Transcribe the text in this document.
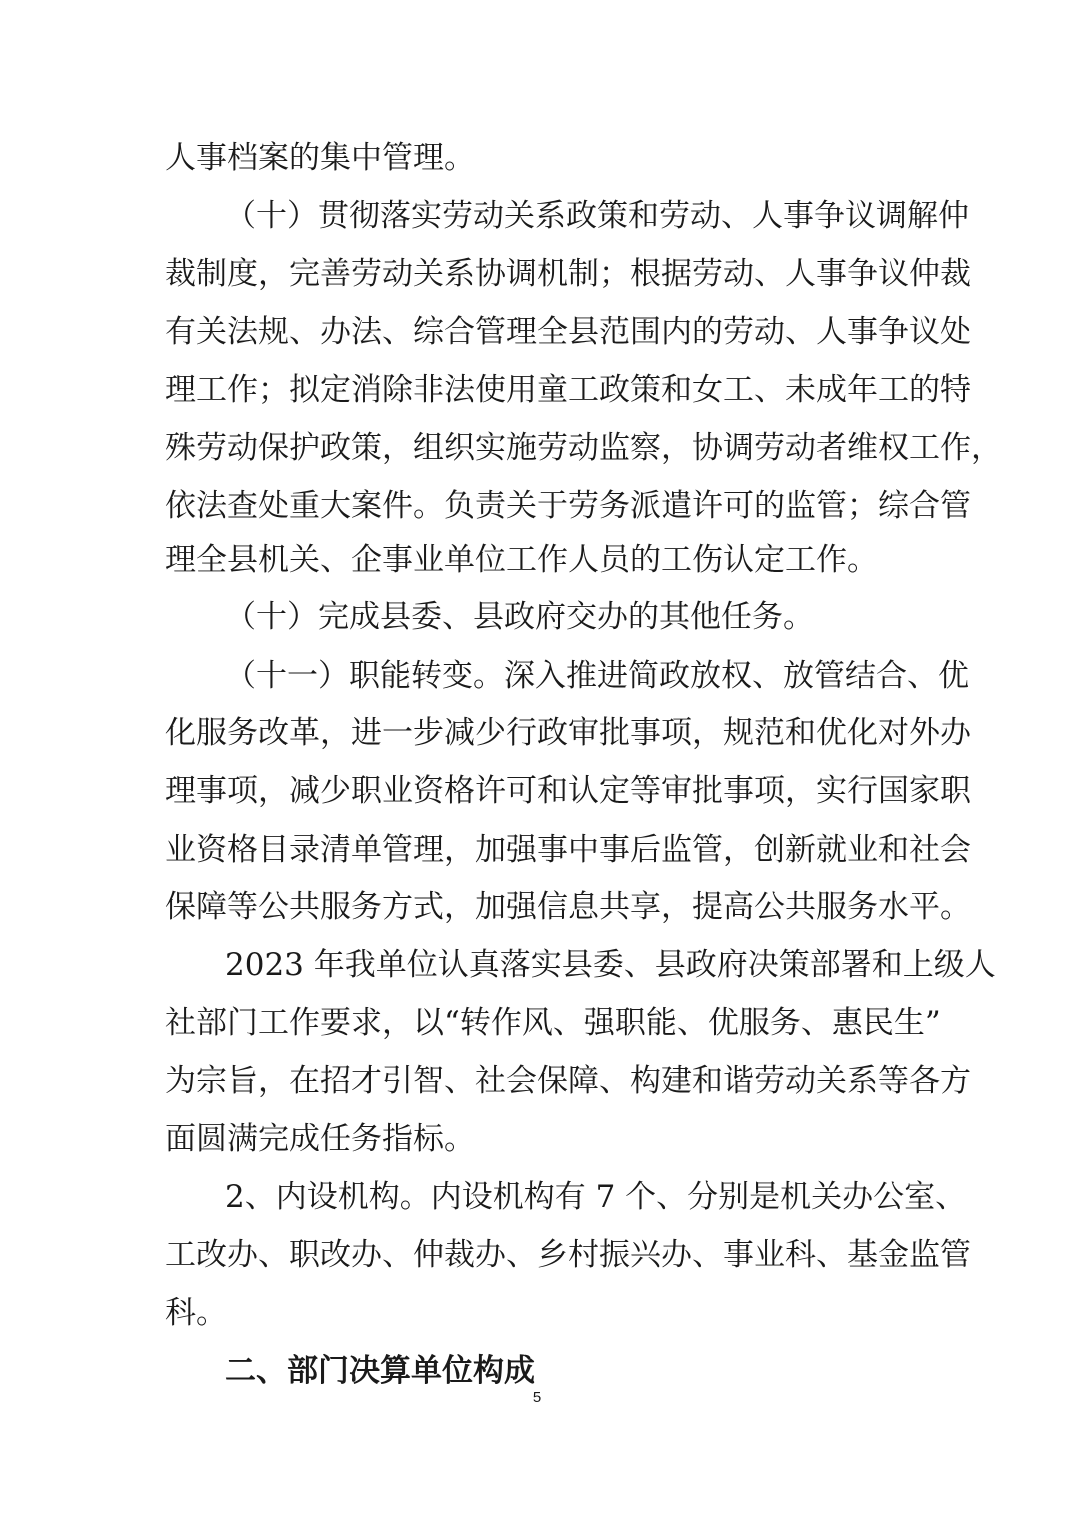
人事档案的集中管理。
（十）贯彻落实劳动关系政策和劳动、人事争议调解仲
裁制度，完善劳动关系协调机制；根据劳动、人事争议仲裁
有关法规、办法、综合管理全县范围内的劳动、人事争议处
理工作；拟定消除非法使用童工政策和女工、未成年工的特
殊劳动保护政策，组织实施劳动监察，协调劳动者维权工作，
依法查处重大案件。负责关于劳务派遣许可的监管；综合管
理全县机关、企事业单位工作人员的工伤认定工作。
（十）完成县委、县政府交办的其他任务。
（十一）职能转变。深入推进简政放权、放管结合、优
化服务改革，进一步减少行政审批事项，规范和优化对外办
理事项，减少职业资格许可和认定等审批事项，实行国家职
业资格目录清单管理，加强事中事后监管，创新就业和社会
保障等公共服务方式，加强信息共享，提高公共服务水平。
2023 年我单位认真落实县委、县政府决策部署和上级人
社部门工作要求，以“转作风、强职能、优服务、惠民生”
为宗旨，在招才引智、社会保障、构建和谐劳动关系等各方
面圆满完成任务指标。
2、内设机构。内设机构有 7 个、分别是机关办公室、
工改办、职改办、仲裁办、乡村振兴办、事业科、基金监管
科。
二、部门决算单位构成
5
